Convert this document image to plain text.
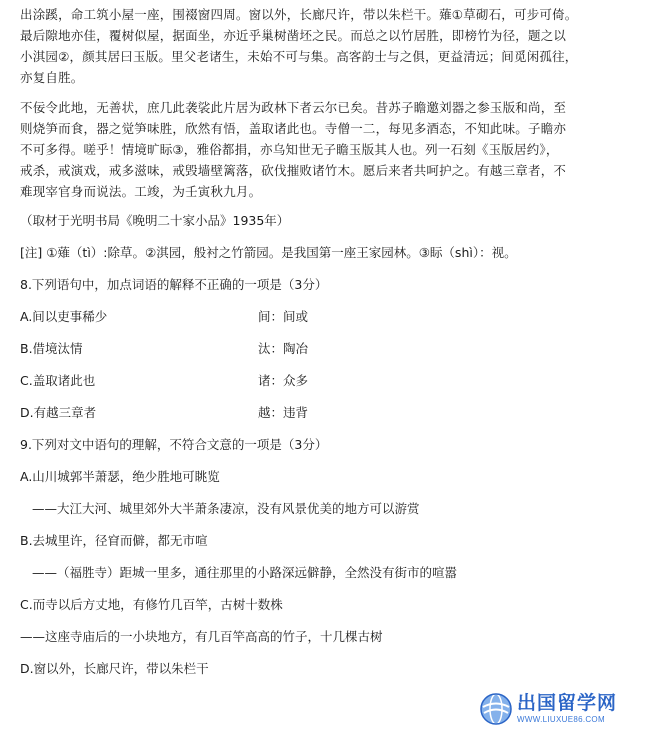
出涂蹊，命工筑小屋一座，围裰窗四周。窗以外，长廊尺许，带以朱栏干。薙①草砌石，可步可倚。

最后隙地亦佳，覆树似屋，据面坐，亦近乎巢树凿坯之民。而总之以竹居胜，即榜竹为径，题之以

小淇园②，颜其居曰玉版。里父老诸生，未始不可与集。高客韵士与之俱，更益清远；间觅闲孤往，

亦复自胜。

不佞令此地，无善状，庶几此袭裟此片居为政林下者云尔已矣。昔苏子瞻邀刘器之参玉版和尚，至

则烧笋而食，器之觉笋味胜，欣然有悟，盖取诸此也。寺僧一二，每见多酒态，不知此味。子瞻亦

不可多得。嗟乎！情境旷眎③，雅俗都捐，亦乌知世无子瞻玉版其人也。列一石刻《玉版居约》，

戒杀，戒演戏，戒多滋味，戒毁墙壁篱落，砍伐摧败诸竹木。愿后来者共呵护之。有越三章者，不

难现宰官身而说法。工竣，为壬寅秋九月。

（取材于光明书局《晚明二十家小品》1935年）
[注] ①薙（tì）:除草。②淇园，般衬之竹箭园。是我国第一座王家园林。③眎（shì）：视。
8.下列语句中，加点词语的解释不正确的一项是（3分）
A.间以吏事稀少	间：间或
B.借境汰情	汰：陶冶
C.盖取诸此也	诸：众多
D.有越三章者	越：违背
9.下列对文中语句的理解，不符合文意的一项是（3分）
A.山川城郭半萧瑟，绝少胜地可眺览
——大江大河、城里郊外大半萧条凄凉，没有风景优美的地方可以游赏
B.去城里许，径窅而僻，都无市喧
——（福胜寺）距城一里多，通往那里的小路深远僻静，全然没有街市的喧嚣
C.而寺以后方丈地，有修竹几百竿，古树十数株
——这座寺庙后的一小块地方，有几百竿高高的竹子，十几棵古树
D.窗以外，长廊尺许，带以朱栏干
出国留学网
WWW.LIUXUE86.COM
